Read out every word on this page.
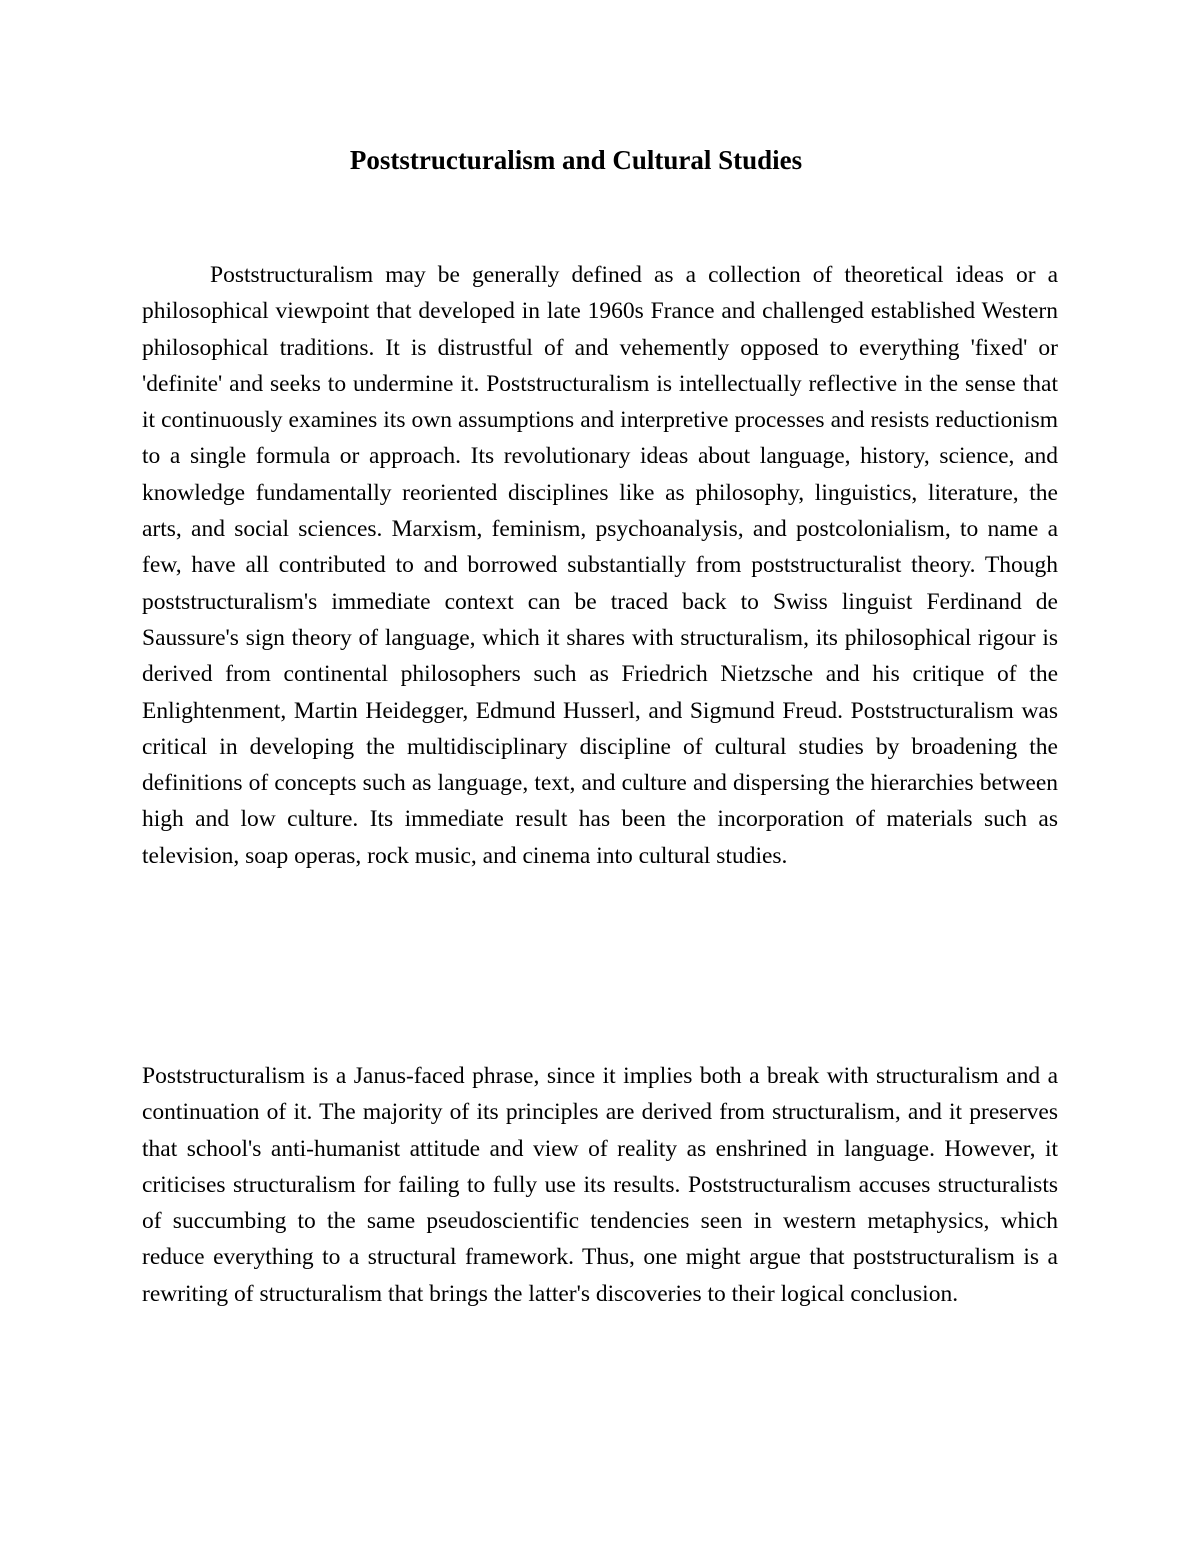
Poststructuralism and Cultural Studies

Poststructuralism may be generally defined as a collection of theoretical ideas or a philosophical viewpoint that developed in late 1960s France and challenged established Western philosophical traditions. It is distrustful of and vehemently opposed to everything 'fixed' or 'definite' and seeks to undermine it. Poststructuralism is intellectually reflective in the sense that it continuously examines its own assumptions and interpretive processes and resists reductionism to a single formula or approach. Its revolutionary ideas about language, history, science, and knowledge fundamentally reoriented disciplines like as philosophy, linguistics, literature, the arts, and social sciences. Marxism, feminism, psychoanalysis, and postcolonialism, to name a few, have all contributed to and borrowed substantially from poststructuralist theory. Though poststructuralism's immediate context can be traced back to Swiss linguist Ferdinand de Saussure's sign theory of language, which it shares with structuralism, its philosophical rigour is derived from continental philosophers such as Friedrich Nietzsche and his critique of the Enlightenment, Martin Heidegger, Edmund Husserl, and Sigmund Freud. Poststructuralism was critical in developing the multidisciplinary discipline of cultural studies by broadening the definitions of concepts such as language, text, and culture and dispersing the hierarchies between high and low culture. Its immediate result has been the incorporation of materials such as television, soap operas, rock music, and cinema into cultural studies.

Poststructuralism is a Janus-faced phrase, since it implies both a break with structuralism and a continuation of it. The majority of its principles are derived from structuralism, and it preserves that school's anti-humanist attitude and view of reality as enshrined in language. However, it criticises structuralism for failing to fully use its results. Poststructuralism accuses structuralists of succumbing to the same pseudoscientific tendencies seen in western metaphysics, which reduce everything to a structural framework. Thus, one might argue that poststructuralism is a rewriting of structuralism that brings the latter's discoveries to their logical conclusion.
